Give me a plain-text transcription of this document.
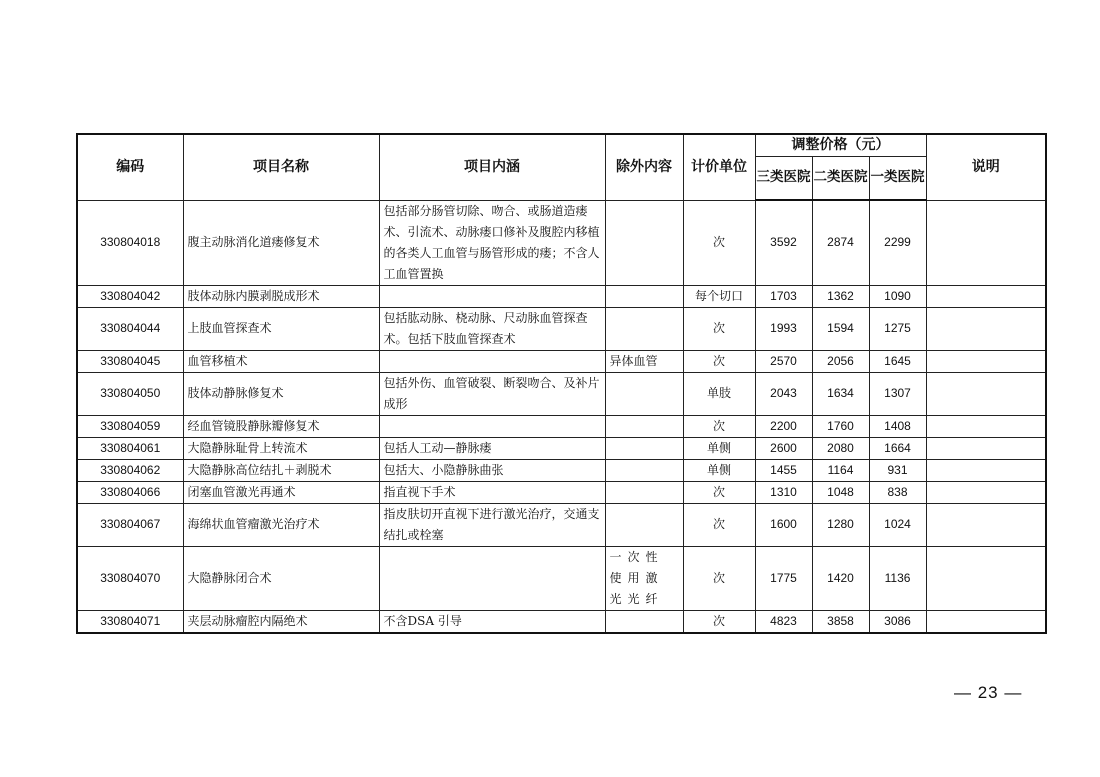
编码	项目名称	项目内涵	除外内容	计价单位	调整价格（元）			说明
					三类医院	二类医院	一类医院	
330804018	腹主动脉消化道瘘修复术	包括部分肠管切除、吻合、或肠道造瘘术、引流术、动脉瘘口修补及腹腔内移植的各类人工血管与肠管形成的瘘；不含人工血管置换		次	3592	2874	2299	
330804042	肢体动脉内膜剥脱成形术			每个切口	1703	1362	1090	
330804044	上肢血管探查术	包括肱动脉、桡动脉、尺动脉血管探查术。包括下肢血管探查术		次	1993	1594	1275	
330804045	血管移植术		异体血管	次	2570	2056	1645	
330804050	肢体动静脉修复术	包括外伤、血管破裂、断裂吻合、及补片成形		单肢	2043	1634	1307	
330804059	经血管镜股静脉瓣修复术			次	2200	1760	1408	
330804061	大隐静脉耻骨上转流术	包括人工动—静脉瘘		单侧	2600	2080	1664	
330804062	大隐静脉高位结扎＋剥脱术	包括大、小隐静脉曲张		单侧	1455	1164	931	
330804066	闭塞血管激光再通术	指直视下手术		次	1310	1048	838	
330804067	海绵状血管瘤激光治疗术	指皮肤切开直视下进行激光治疗，交通支结扎或栓塞		次	1600	1280	1024	
330804070	大隐静脉闭合术		一次性使用激光光纤	次	1775	1420	1136	
330804071	夹层动脉瘤腔内隔绝术	不含DSA 引导		次	4823	3858	3086	
— 23 —
